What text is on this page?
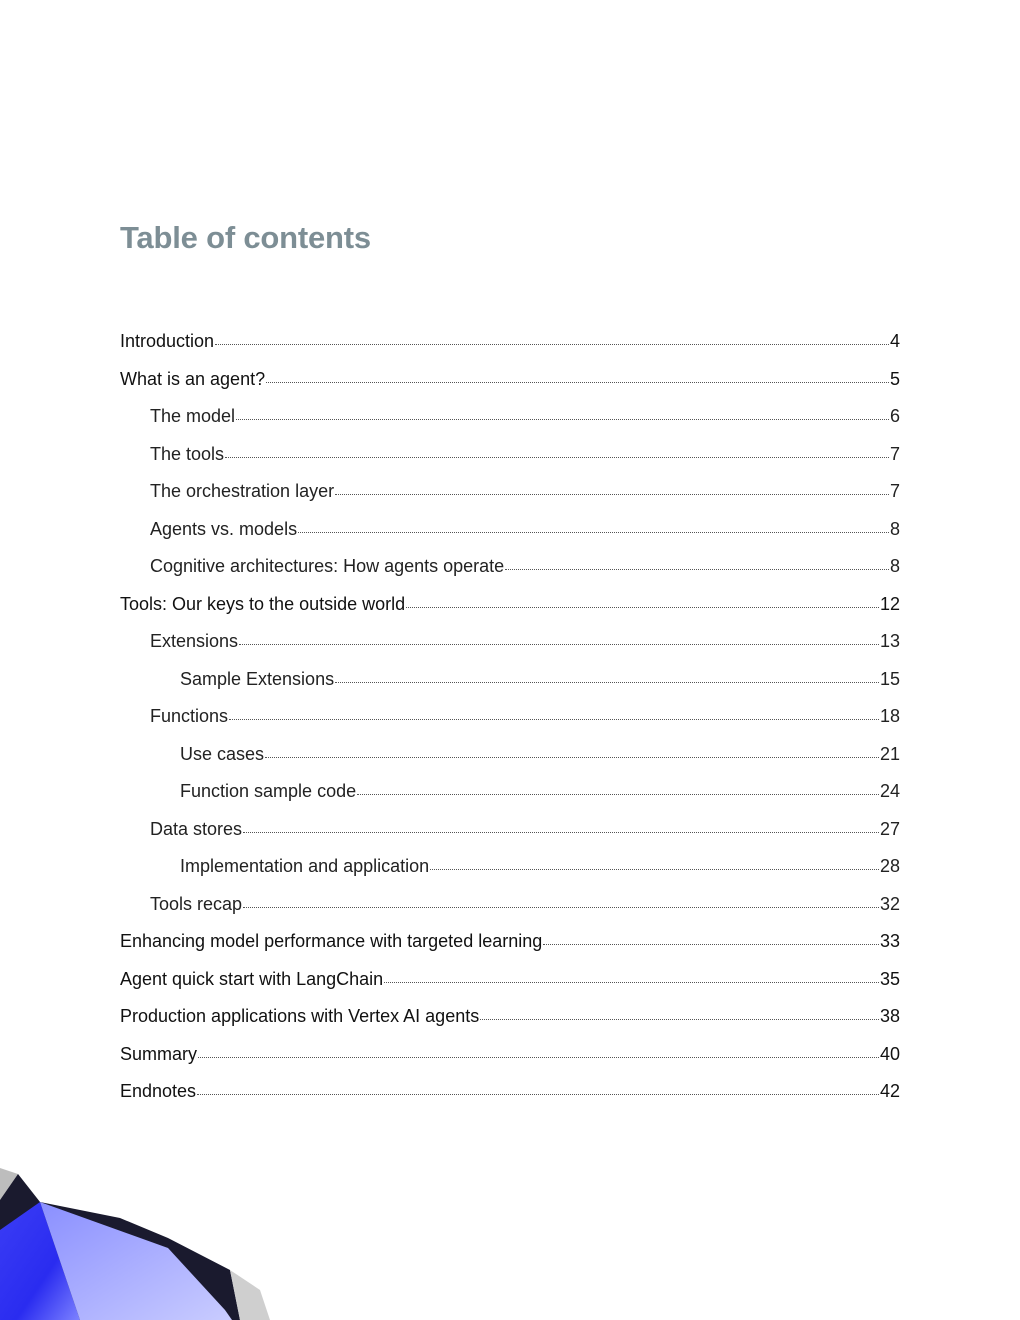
Table of contents
Introduction	4
What is an agent?	5
The model	6
The tools	7
The orchestration layer	7
Agents vs. models	8
Cognitive architectures: How agents operate	8
Tools: Our keys to the outside world	12
Extensions	13
Sample Extensions	15
Functions	18
Use cases	21
Function sample code	24
Data stores	27
Implementation and application	28
Tools recap	32
Enhancing model performance with targeted learning	33
Agent quick start with LangChain	35
Production applications with Vertex AI agents	38
Summary	40
Endnotes	42
